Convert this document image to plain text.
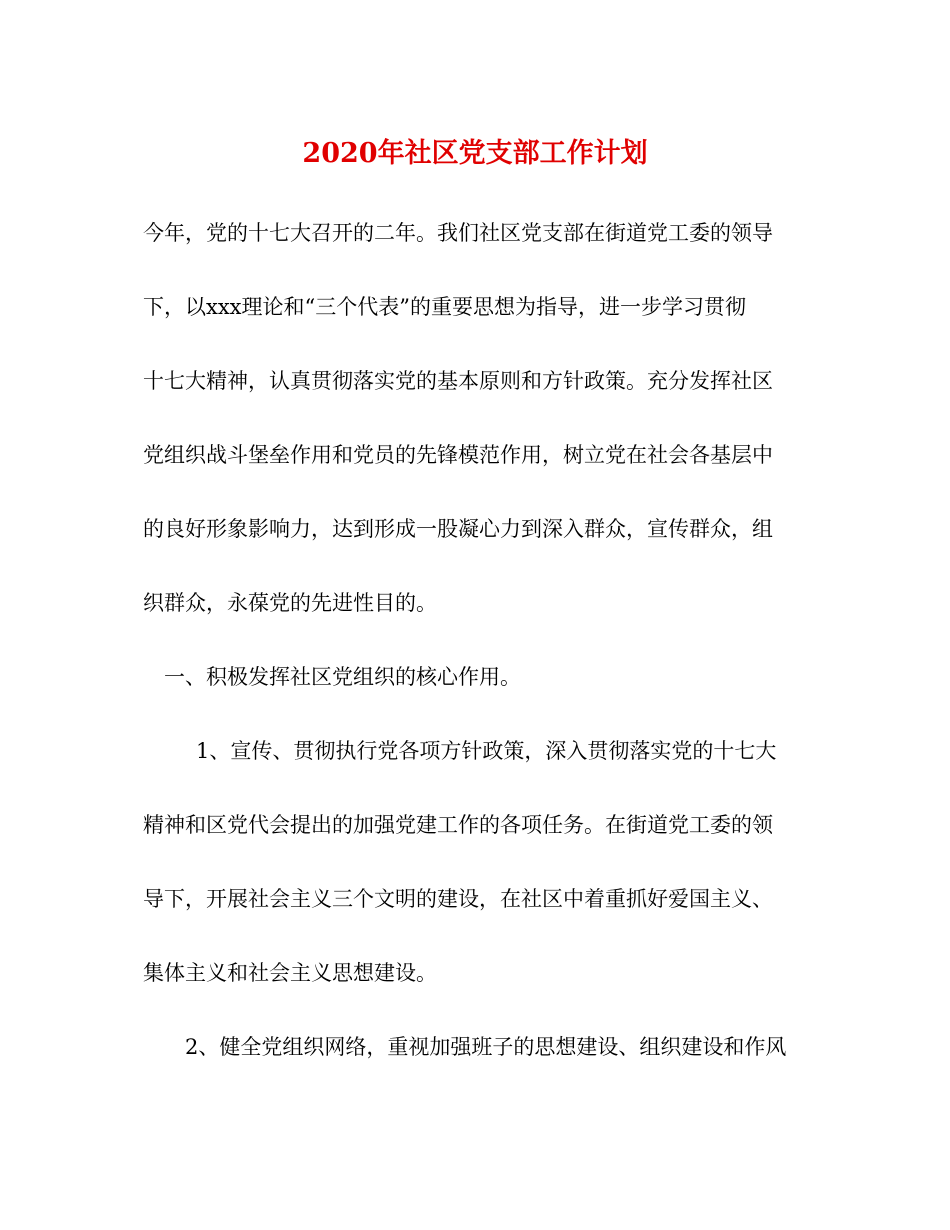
2020年社区党支部工作计划
今年，党的十七大召开的二年。我们社区党支部在街道党工委的领导
下，以xxx理论和“三个代表”的重要思想为指导，进一步学习贯彻
十七大精神，认真贯彻落实党的基本原则和方针政策。充分发挥社区
党组织战斗堡垒作用和党员的先锋模范作用，树立党在社会各基层中
的良好形象影响力，达到形成一股凝心力到深入群众，宣传群众，组
织群众，永葆党的先进性目的。
一、积极发挥社区党组织的核心作用。
1、宣传、贯彻执行党各项方针政策，深入贯彻落实党的十七大
精神和区党代会提出的加强党建工作的各项任务。在街道党工委的领
导下，开展社会主义三个文明的建设，在社区中着重抓好爱国主义、
集体主义和社会主义思想建设。
2、健全党组织网络，重视加强班子的思想建设、组织建设和作风
